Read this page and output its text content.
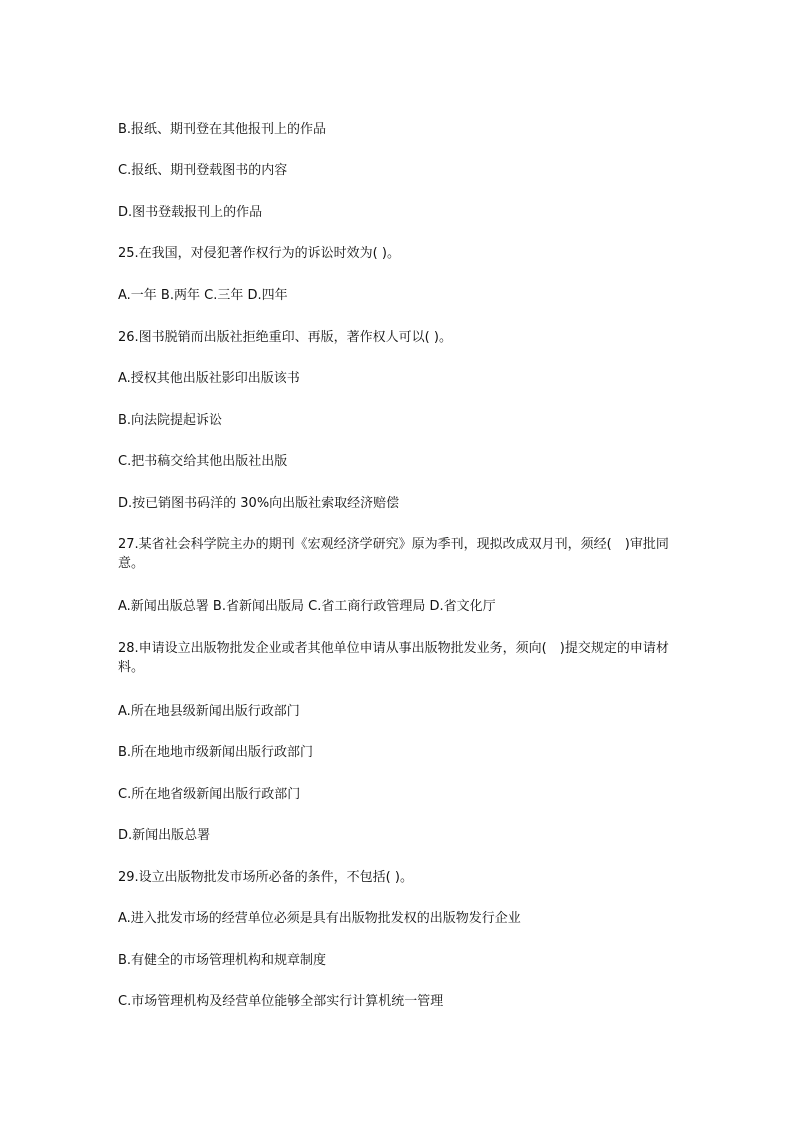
B.报纸、期刊登在其他报刊上的作品
C.报纸、期刊登载图书的内容
D.图书登载报刊上的作品
25.在我国，对侵犯著作权行为的诉讼时效为( )。
A.一年 B.两年 C.三年 D.四年
26.图书脱销而出版社拒绝重印、再版，著作权人可以( )。
A.授权其他出版社影印出版该书
B.向法院提起诉讼
C.把书稿交给其他出版社出版
D.按已销图书码洋的 30%向出版社索取经济赔偿
27.某省社会科学院主办的期刊《宏观经济学研究》原为季刊，现拟改成双月刊，须经(　)审批同意。
A.新闻出版总署 B.省新闻出版局 C.省工商行政管理局 D.省文化厅
28.申请设立出版物批发企业或者其他单位申请从事出版物批发业务，须向(　)提交规定的申请材料。
A.所在地县级新闻出版行政部门
B.所在地地市级新闻出版行政部门
C.所在地省级新闻出版行政部门
D.新闻出版总署
29.设立出版物批发市场所必备的条件，不包括( )。
A.进入批发市场的经营单位必须是具有出版物批发权的出版物发行企业
B.有健全的市场管理机构和规章制度
C.市场管理机构及经营单位能够全部实行计算机统一管理
